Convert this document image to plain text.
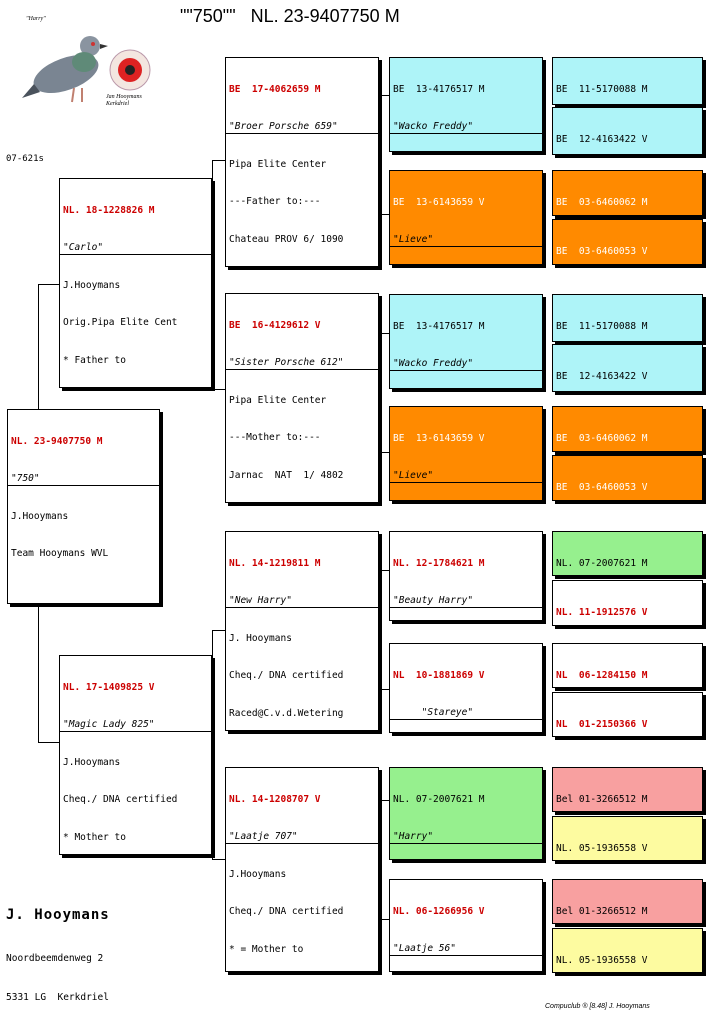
""750""   NL. 23-9407750 M
"Harry"
Jan Hooymans Kerkdriel
07-621s

NL. 23-9407750 M

"750"

J.Hooymans

Team Hooymans WVL

NL. 18-1228826 M

"Carlo"

J.Hooymans

Orig.Pipa Elite Cent

* Father to

NL. 17-1409825 V

"Magic Lady 825"

J.Hooymans

Cheq./ DNA certified

* Mother to

BE  17-4062659 M

"Broer Porsche 659"

Pipa Elite Center

---Father to:---

Chateau PROV 6/ 1090

BE  16-4129612 V

"Sister Porsche 612"

Pipa Elite Center

---Mother to:---

Jarnac  NAT  1/ 4802

NL. 14-1219811 M

"New Harry"

J. Hooymans

Cheq./ DNA certified

Raced@C.v.d.Wetering

NL. 14-1208707 V

"Laatje 707"

J.Hooymans

Cheq./ DNA certified

* = Mother to

BE  13-4176517 M

"Wacko Freddy"

BE  13-6143659 V

"Lieve"

BE  13-4176517 M

"Wacko Freddy"

BE  13-6143659 V

"Lieve"

NL. 12-1784621 M

"Beauty Harry"

NL  10-1881869 V

"Stareye"

NL. 07-2007621 M

"Harry"

NL. 06-1266956 V

"Laatje 56"

BE  11-5170088 M

BE  12-4163422 V

BE  03-6460062 M

BE  03-6460053 V

BE  11-5170088 M

BE  12-4163422 V

BE  03-6460062 M

BE  03-6460053 V

NL. 07-2007621 M

NL. 11-1912576 V

NL  06-1284150 M

NL  01-2150366 V

Bel 01-3266512 M

NL. 05-1936558 V

Bel 01-3266512 M

NL. 05-1936558 V

J. Hooymans

Noordbeemdenweg 2

5331 LG  Kerkdriel

Compuclub ® [8.48] J. Hooymans
